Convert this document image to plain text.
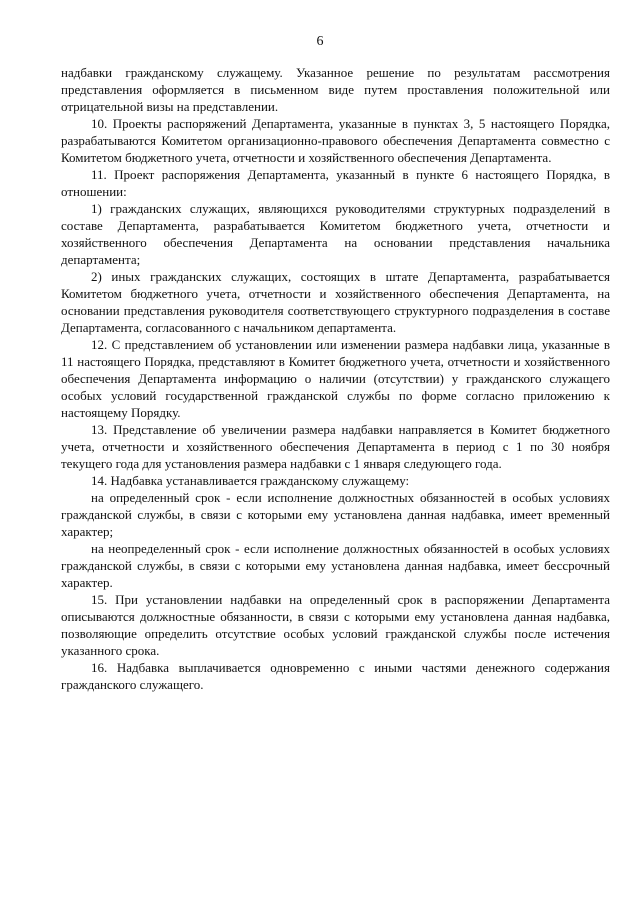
6

надбавки гражданскому служащему. Указанное решение по результатам рассмотрения представления оформляется в письменном виде путем проставления положительной или отрицательной визы на представлении.

10. Проекты распоряжений Департамента, указанные в пунктах 3, 5 настоящего Порядка, разрабатываются Комитетом организационно-правового обеспечения Департамента совместно с Комитетом бюджетного учета, отчетности и хозяйственного обеспечения Департамента.

11. Проект распоряжения Департамента, указанный в пункте 6 настоящего Порядка, в отношении:

1) гражданских служащих, являющихся руководителями структурных подразделений в составе Департамента, разрабатывается Комитетом бюджетного учета, отчетности и хозяйственного обеспечения Департамента на основании представления начальника департамента;

2) иных гражданских служащих, состоящих в штате Департамента, разрабатывается Комитетом бюджетного учета, отчетности и хозяйственного обеспечения Департамента, на основании представления руководителя соответствующего структурного подразделения в составе Департамента, согласованного с начальником департамента.

12. С представлением об установлении или изменении размера надбавки лица, указанные в 11 настоящего Порядка, представляют в Комитет бюджетного учета, отчетности и хозяйственного обеспечения Департамента информацию о наличии (отсутствии) у гражданского служащего особых условий государственной гражданской службы по форме согласно приложению к настоящему Порядку.

13. Представление об увеличении размера надбавки направляется в Комитет бюджетного учета, отчетности и хозяйственного обеспечения Департамента в период с 1 по 30 ноября текущего года для установления размера надбавки с 1 января следующего года.

14. Надбавка устанавливается гражданскому служащему:

на определенный срок - если исполнение должностных обязанностей в особых условиях гражданской службы, в связи с которыми ему установлена данная надбавка, имеет временный характер;

на неопределенный срок - если исполнение должностных обязанностей в особых условиях гражданской службы, в связи с которыми ему установлена данная надбавка, имеет бессрочный характер.

15. При установлении надбавки на определенный срок в распоряжении Департамента описываются должностные обязанности, в связи с которыми ему установлена данная надбавка, позволяющие определить отсутствие особых условий гражданской службы после истечения указанного срока.

16. Надбавка выплачивается одновременно с иными частями денежного содержания гражданского служащего.
